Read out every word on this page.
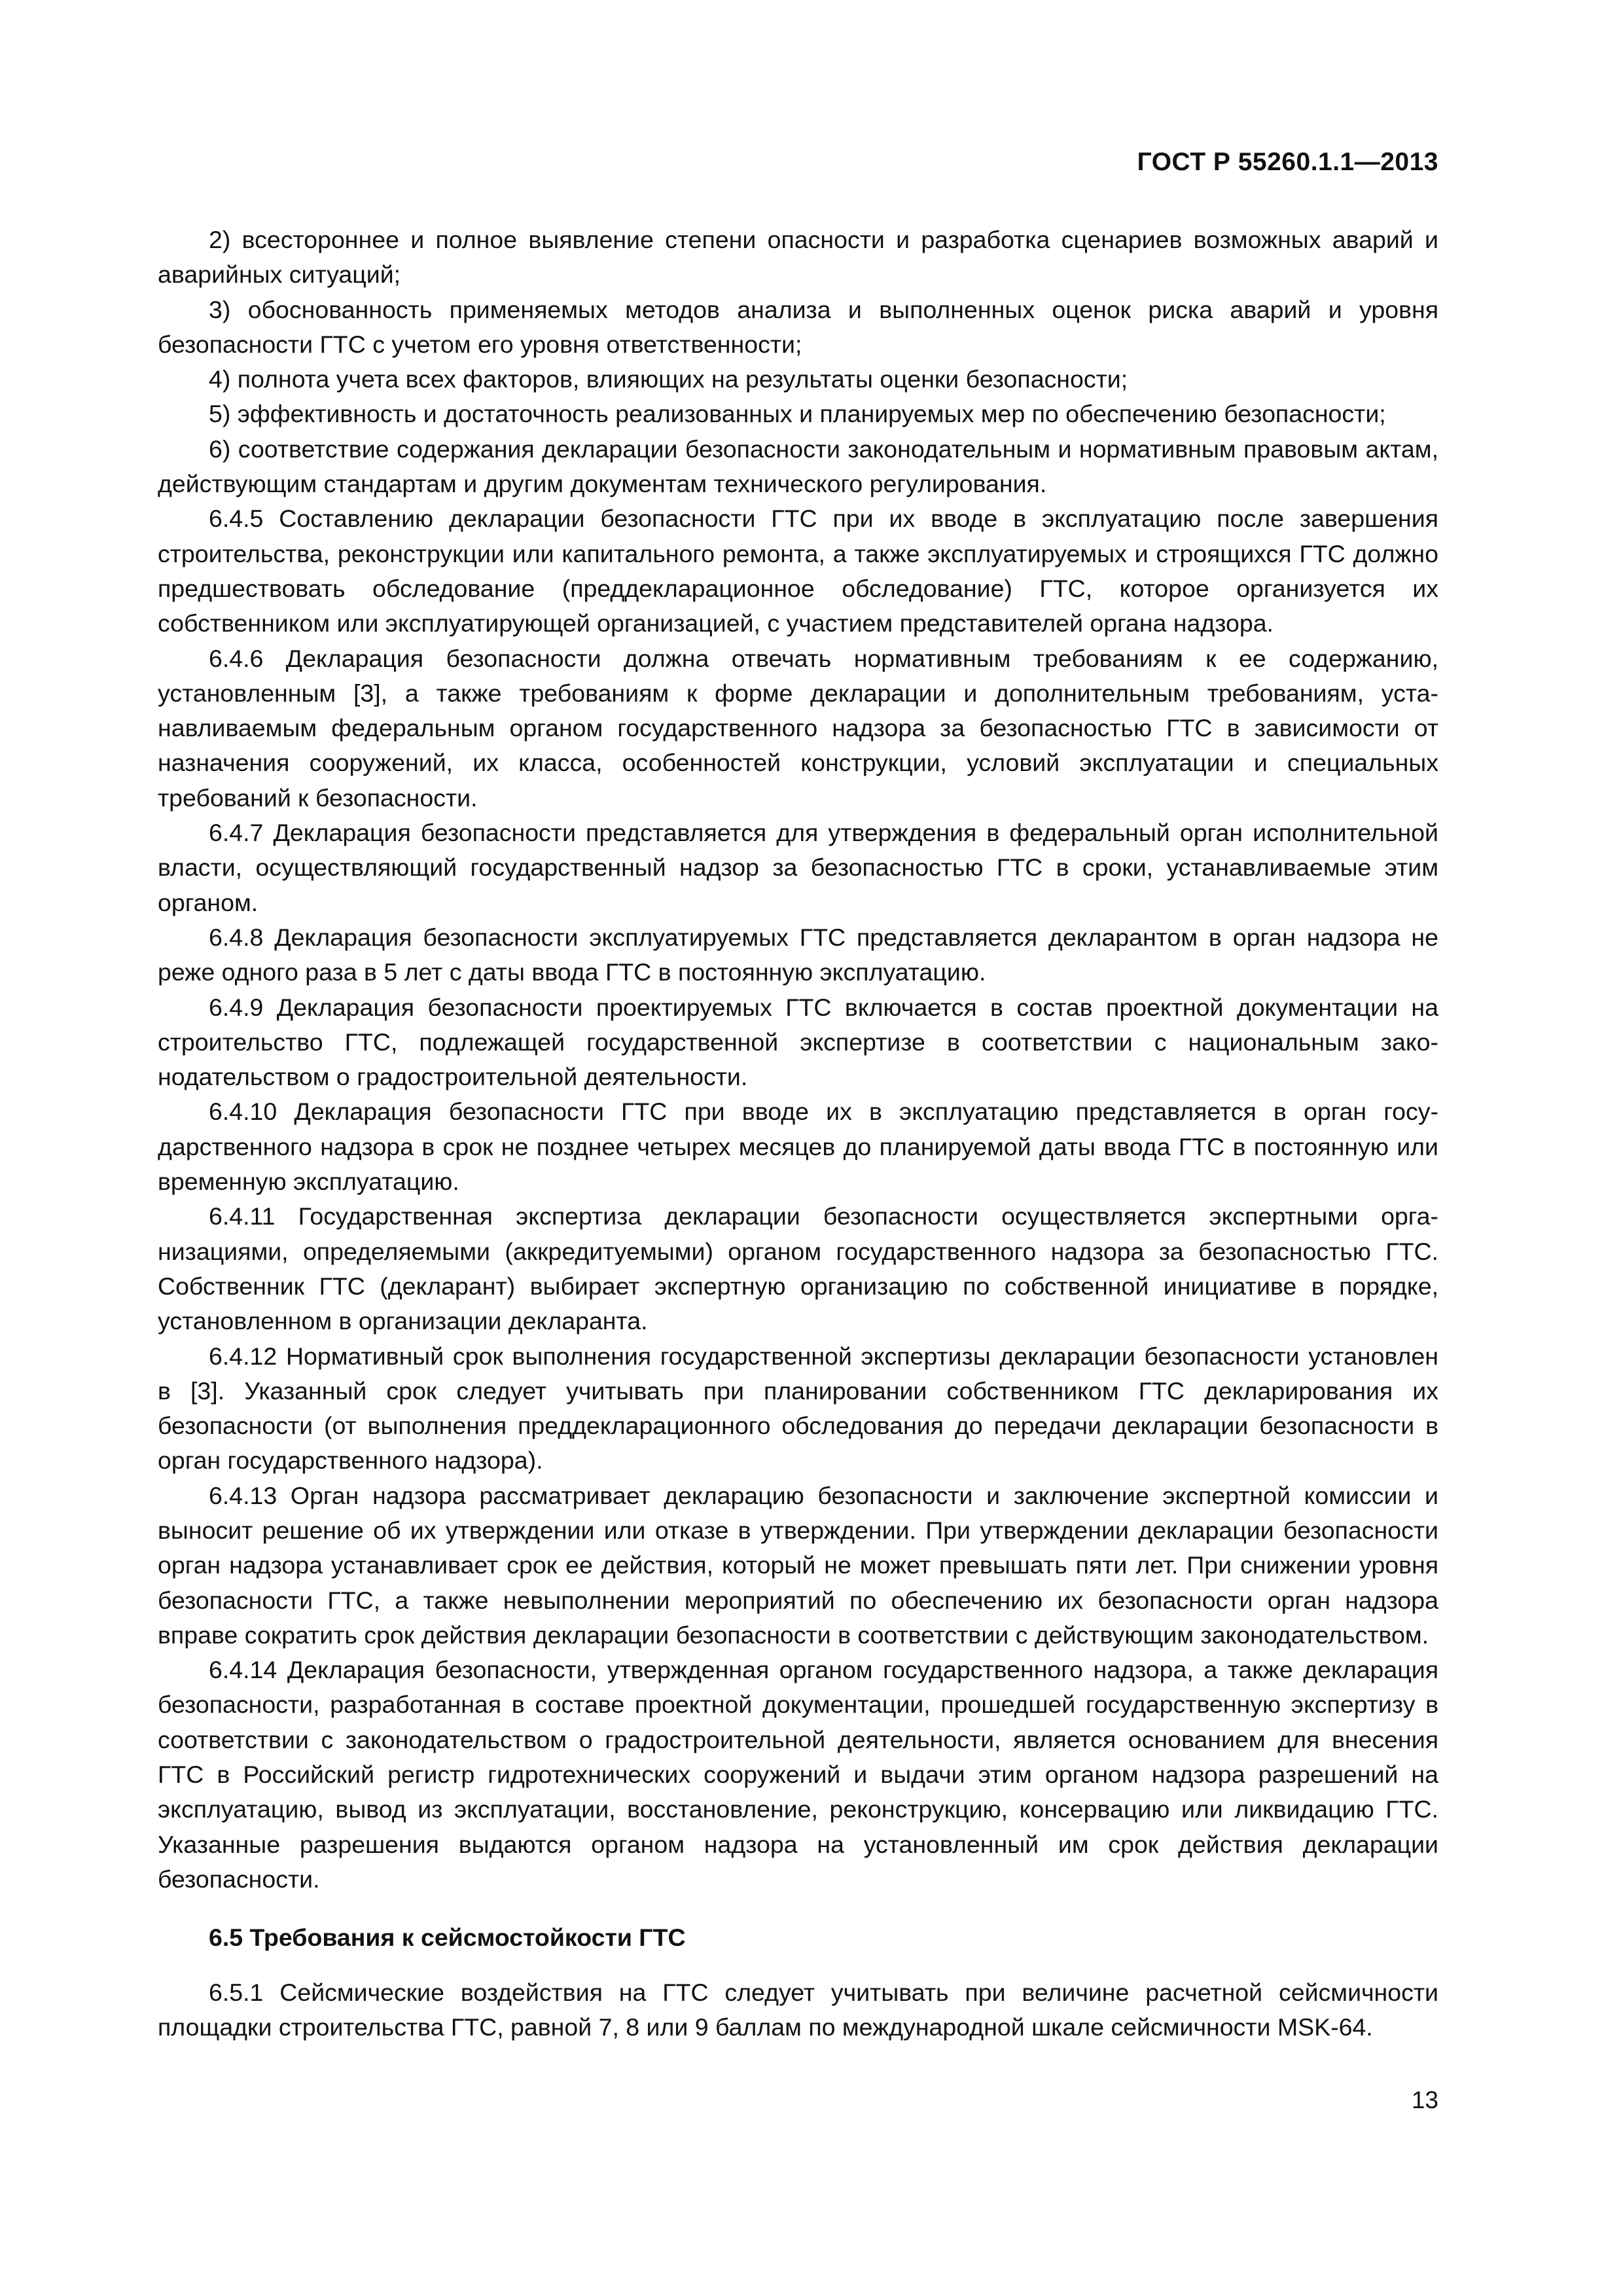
ГОСТ Р 55260.1.1—2013

2) всестороннее и полное выявление степени опасности и разработка сценариев возможных аварий и аварийных ситуаций;

3) обоснованность применяемых методов анализа и выполненных оценок риска аварий и уровня безопасности ГТС с учетом его уровня ответственности;

4) полнота учета всех факторов, влияющих на результаты оценки безопасности;

5) эффективность и достаточность реализованных и планируемых мер по обеспечению безопасности;

6) соответствие содержания декларации безопасности законодательным и нормативным правовым актам, действующим стандартам и другим документам технического регулирования.

6.4.5 Составлению декларации безопасности ГТС при их вводе в эксплуатацию после завершения строительства, реконструкции или капитального ремонта, а также эксплуатируемых и строящихся ГТС должно предшествовать обследование (преддекларационное обследование) ГТС, которое организуется их собственником или эксплуатирующей организацией, с участием представителей органа надзора.

6.4.6 Декларация безопасности должна отвечать нормативным требованиям к ее содержанию, установленным [3], а также требованиям к форме декларации и дополнительным требованиям, устанавливаемым федеральным органом государственного надзора за безопасностью ГТС в зависимости от назначения сооружений, их класса, особенностей конструкции, условий эксплуатации и специальных требований к безопасности.

6.4.7 Декларация безопасности представляется для утверждения в федеральный орган исполнительной власти, осуществляющий государственный надзор за безопасностью ГТС в сроки, устанавливаемые этим органом.

6.4.8 Декларация безопасности эксплуатируемых ГТС представляется декларантом в орган надзора не реже одного раза в 5 лет с даты ввода ГТС в постоянную эксплуатацию.

6.4.9 Декларация безопасности проектируемых ГТС включается в состав проектной документации на строительство ГТС, подлежащей государственной экспертизе в соответствии с национальным законодательством о градостроительной деятельности.

6.4.10 Декларация безопасности ГТС при вводе их в эксплуатацию представляется в орган государственного надзора в срок не позднее четырех месяцев до планируемой даты ввода ГТС в постоянную или временную эксплуатацию.

6.4.11 Государственная экспертиза декларации безопасности осуществляется экспертными организациями, определяемыми (аккредитуемыми) органом государственного надзора за безопасностью ГТС. Собственник ГТС (декларант) выбирает экспертную организацию по собственной инициативе в порядке, установленном в организации декларанта.

6.4.12 Нормативный срок выполнения государственной экспертизы декларации безопасности установлен в [3]. Указанный срок следует учитывать при планировании собственником ГТС декларирования их безопасности (от выполнения преддекларационного обследования до передачи декларации безопасности в орган государственного надзора).

6.4.13 Орган надзора рассматривает декларацию безопасности и заключение экспертной комиссии и выносит решение об их утверждении или отказе в утверждении. При утверждении декларации безопасности орган надзора устанавливает срок ее действия, который не может превышать пяти лет. При снижении уровня безопасности ГТС, а также невыполнении мероприятий по обеспечению их безопасности орган надзора вправе сократить срок действия декларации безопасности в соответствии с действующим законодательством.

6.4.14 Декларация безопасности, утвержденная органом государственного надзора, а также декларация безопасности, разработанная в составе проектной документации, прошедшей государственную экспертизу в соответствии с законодательством о градостроительной деятельности, является основанием для внесения ГТС в Российский регистр гидротехнических сооружений и выдачи этим органом надзора разрешений на эксплуатацию, вывод из эксплуатации, восстановление, реконструкцию, консервацию или ликвидацию ГТС. Указанные разрешения выдаются органом надзора на установленный им срок действия декларации безопасности.

6.5 Требования к сейсмостойкости ГТС

6.5.1 Сейсмические воздействия на ГТС следует учитывать при величине расчетной сейсмичности площадки строительства ГТС, равной 7, 8 или 9 баллам по международной шкале сейсмичности MSK-64.

13
